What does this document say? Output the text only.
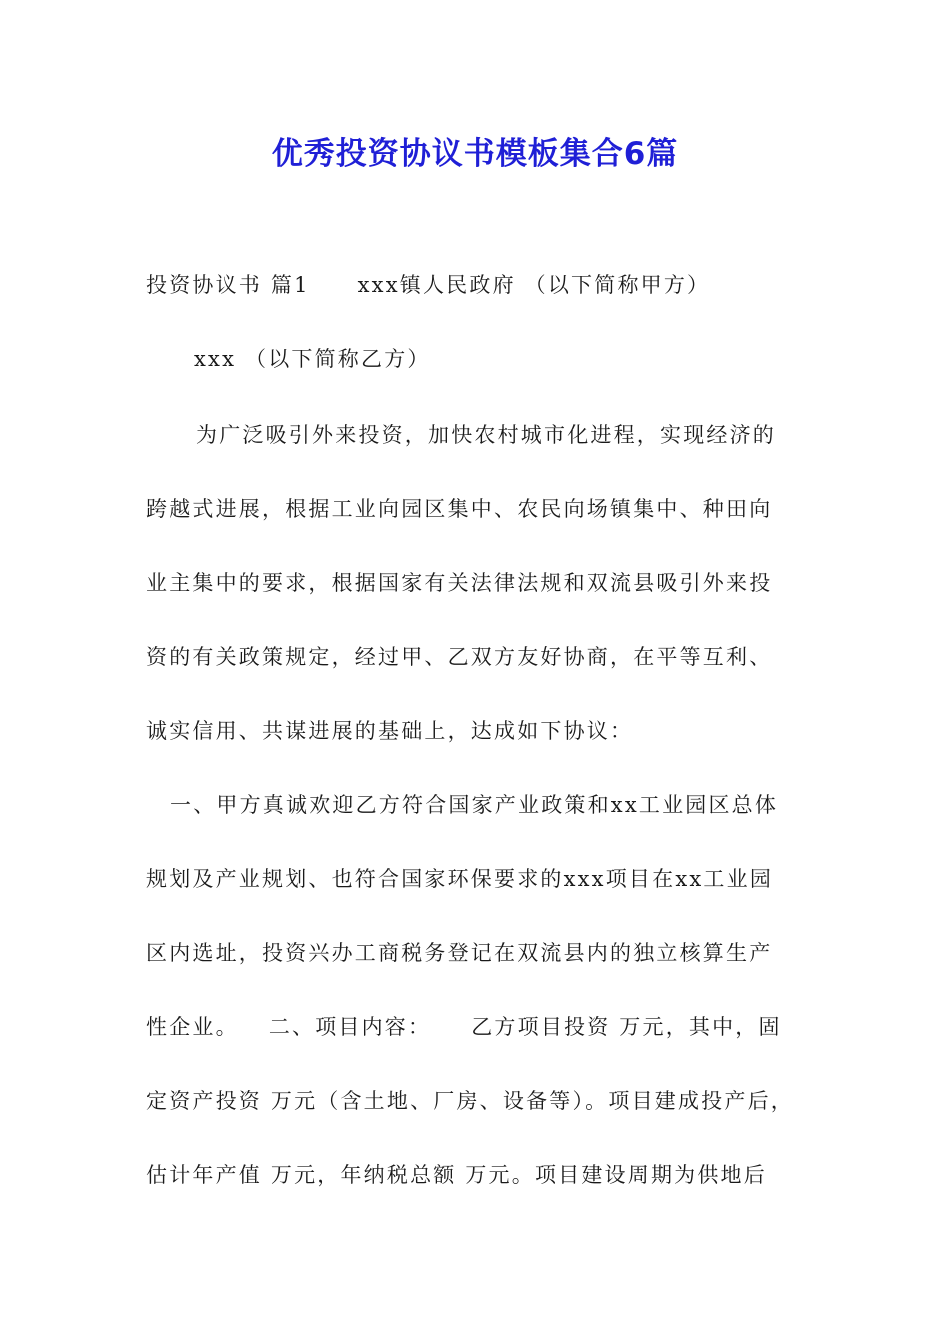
优秀投资协议书模板集合6篇
投资协议书 篇1 xxx镇人民政府 （以下简称甲方）
xxx （以下简称乙方）
为广泛吸引外来投资，加快农村城市化进程，实现经济的
跨越式进展，根据工业向园区集中、农民向场镇集中、种田向
业主集中的要求，根据国家有关法律法规和双流县吸引外来投
资的有关政策规定，经过甲、乙双方友好协商，在平等互利、
诚实信用、共谋进展的基础上，达成如下协议：
一、甲方真诚欢迎乙方符合国家产业政策和xx工业园区总体
规划及产业规划、也符合国家环保要求的xxx项目在xx工业园
区内选址，投资兴办工商税务登记在双流县内的独立核算生产
性企业。 二、项目内容： 乙方项目投资 万元，其中，固
定资产投资 万元（含土地、厂房、设备等）。项目建成投产后，
估计年产值 万元，年纳税总额 万元。项目建设周期为供地后
